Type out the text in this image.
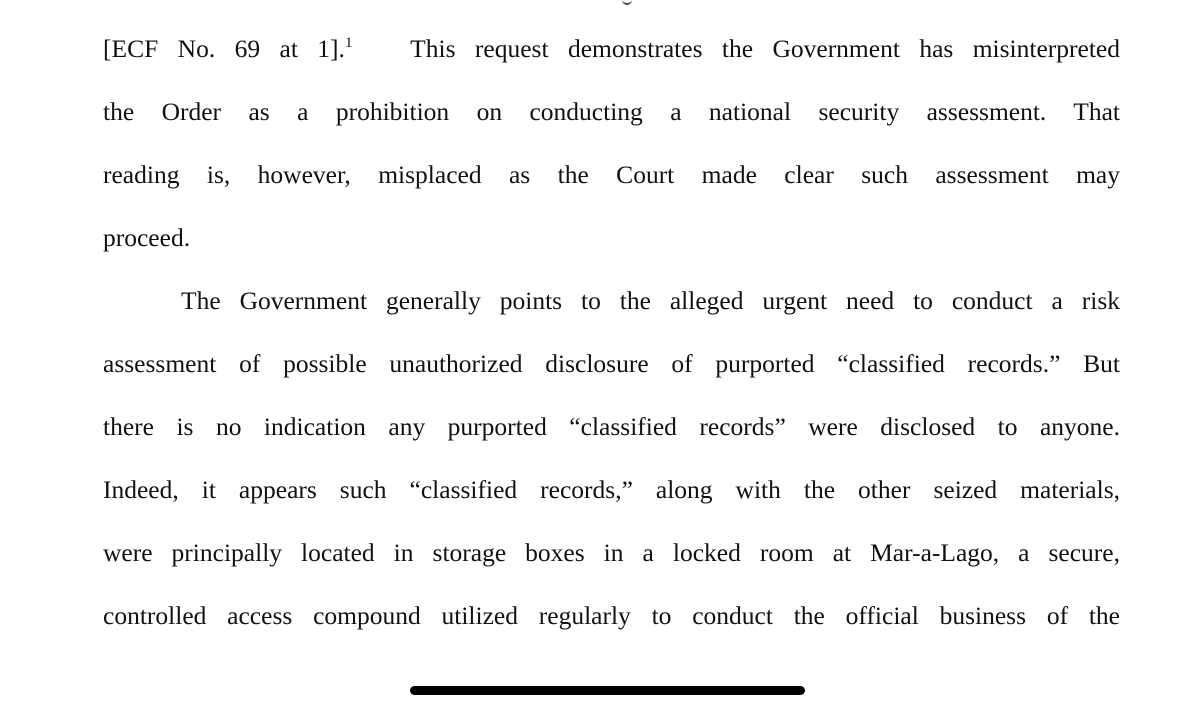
[ECF No. 69 at 1].$^1$   This request demonstrates the Government has misinterpreted
the Order as a prohibition on conducting a national security assessment. That
reading is, however, misplaced as the Court made clear such assessment may
proceed.
The Government generally points to the alleged urgent need to conduct a risk
assessment of possible unauthorized disclosure of purported “classified records.” But
there is no indication any purported “classified records” were disclosed to anyone.
Indeed, it appears such “classified records,” along with the other seized materials,
were principally located in storage boxes in a locked room at Mar-a-Lago, a secure,
controlled access compound utilized regularly to conduct the official business of the
